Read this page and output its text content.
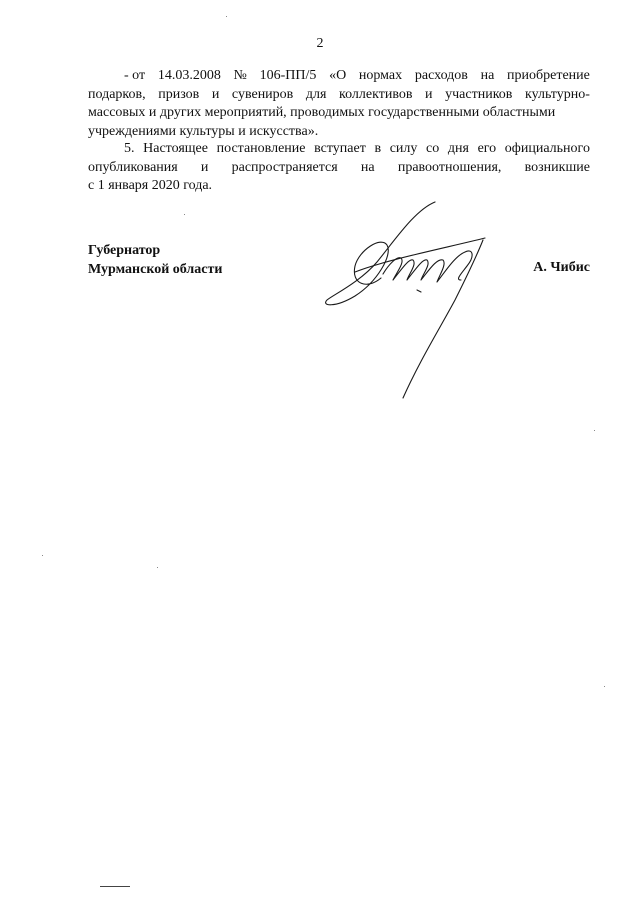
2
- от 14.03.2008 № 106-ПП/5 «О нормах расходов на приобретение
подарков, призов и сувениров для коллективов и участников культурно-
массовых и других мероприятий, проводимых государственными областными
учреждениями культуры и искусства».
5. Настоящее постановление вступает в силу со дня его официального
опубликования и распространяется на правоотношения, возникшие
с 1 января 2020 года.
Губернатор
Мурманской области	А. Чибис
